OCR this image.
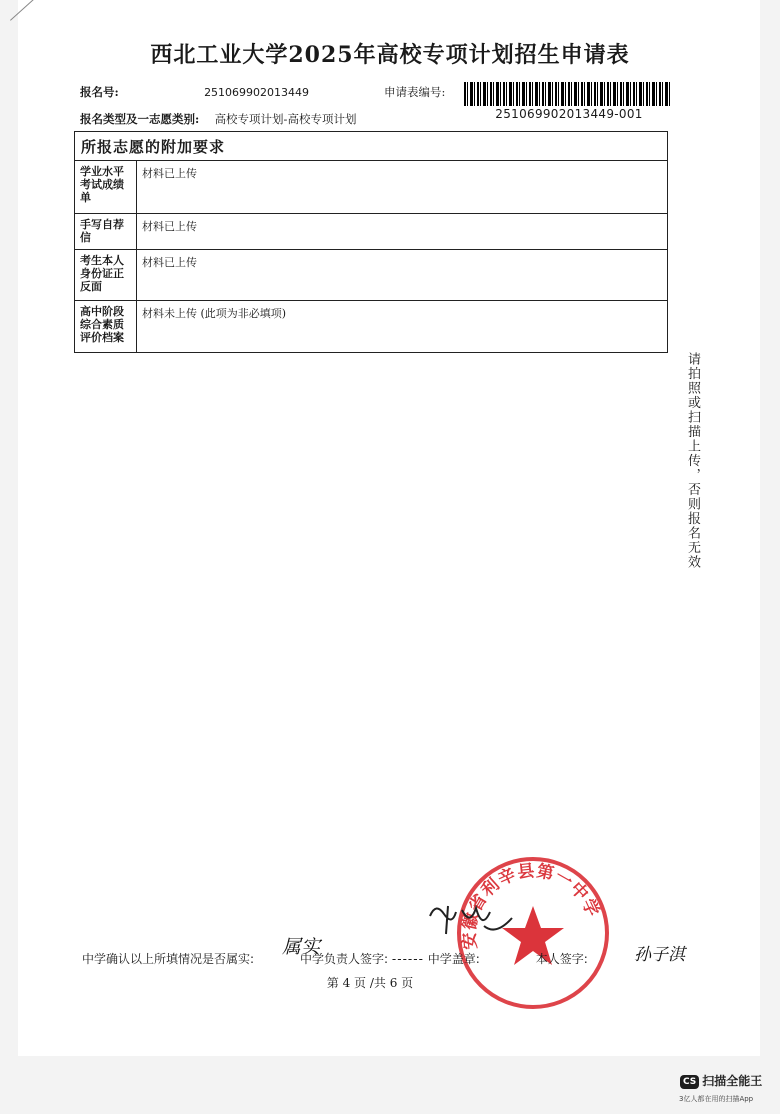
西北工业大学2025年高校专项计划招生申请表
报名号:	251069902013449	申请表编号:
251069902013449-001
报名类型及一志愿类别: 高校专项计划-高校专项计划
所报志愿的附加要求	
学业水平考试成绩单	材料已上传
手写自荐信	材料已上传
考生本人身份证正反面	材料已上传
高中阶段综合素质评价档案	材料未上传 (此项为非必填项)
请拍照或扫描上传，否则报名无效
安徽省利辛县第一中学
属实
中学确认以上所填情况是否属实:	中学负责人签字: ------ 中学盖章:	本人签字:	孙子淇
第 4 页 /共 6 页
CS 扫描全能王
3亿人都在用的扫描App
